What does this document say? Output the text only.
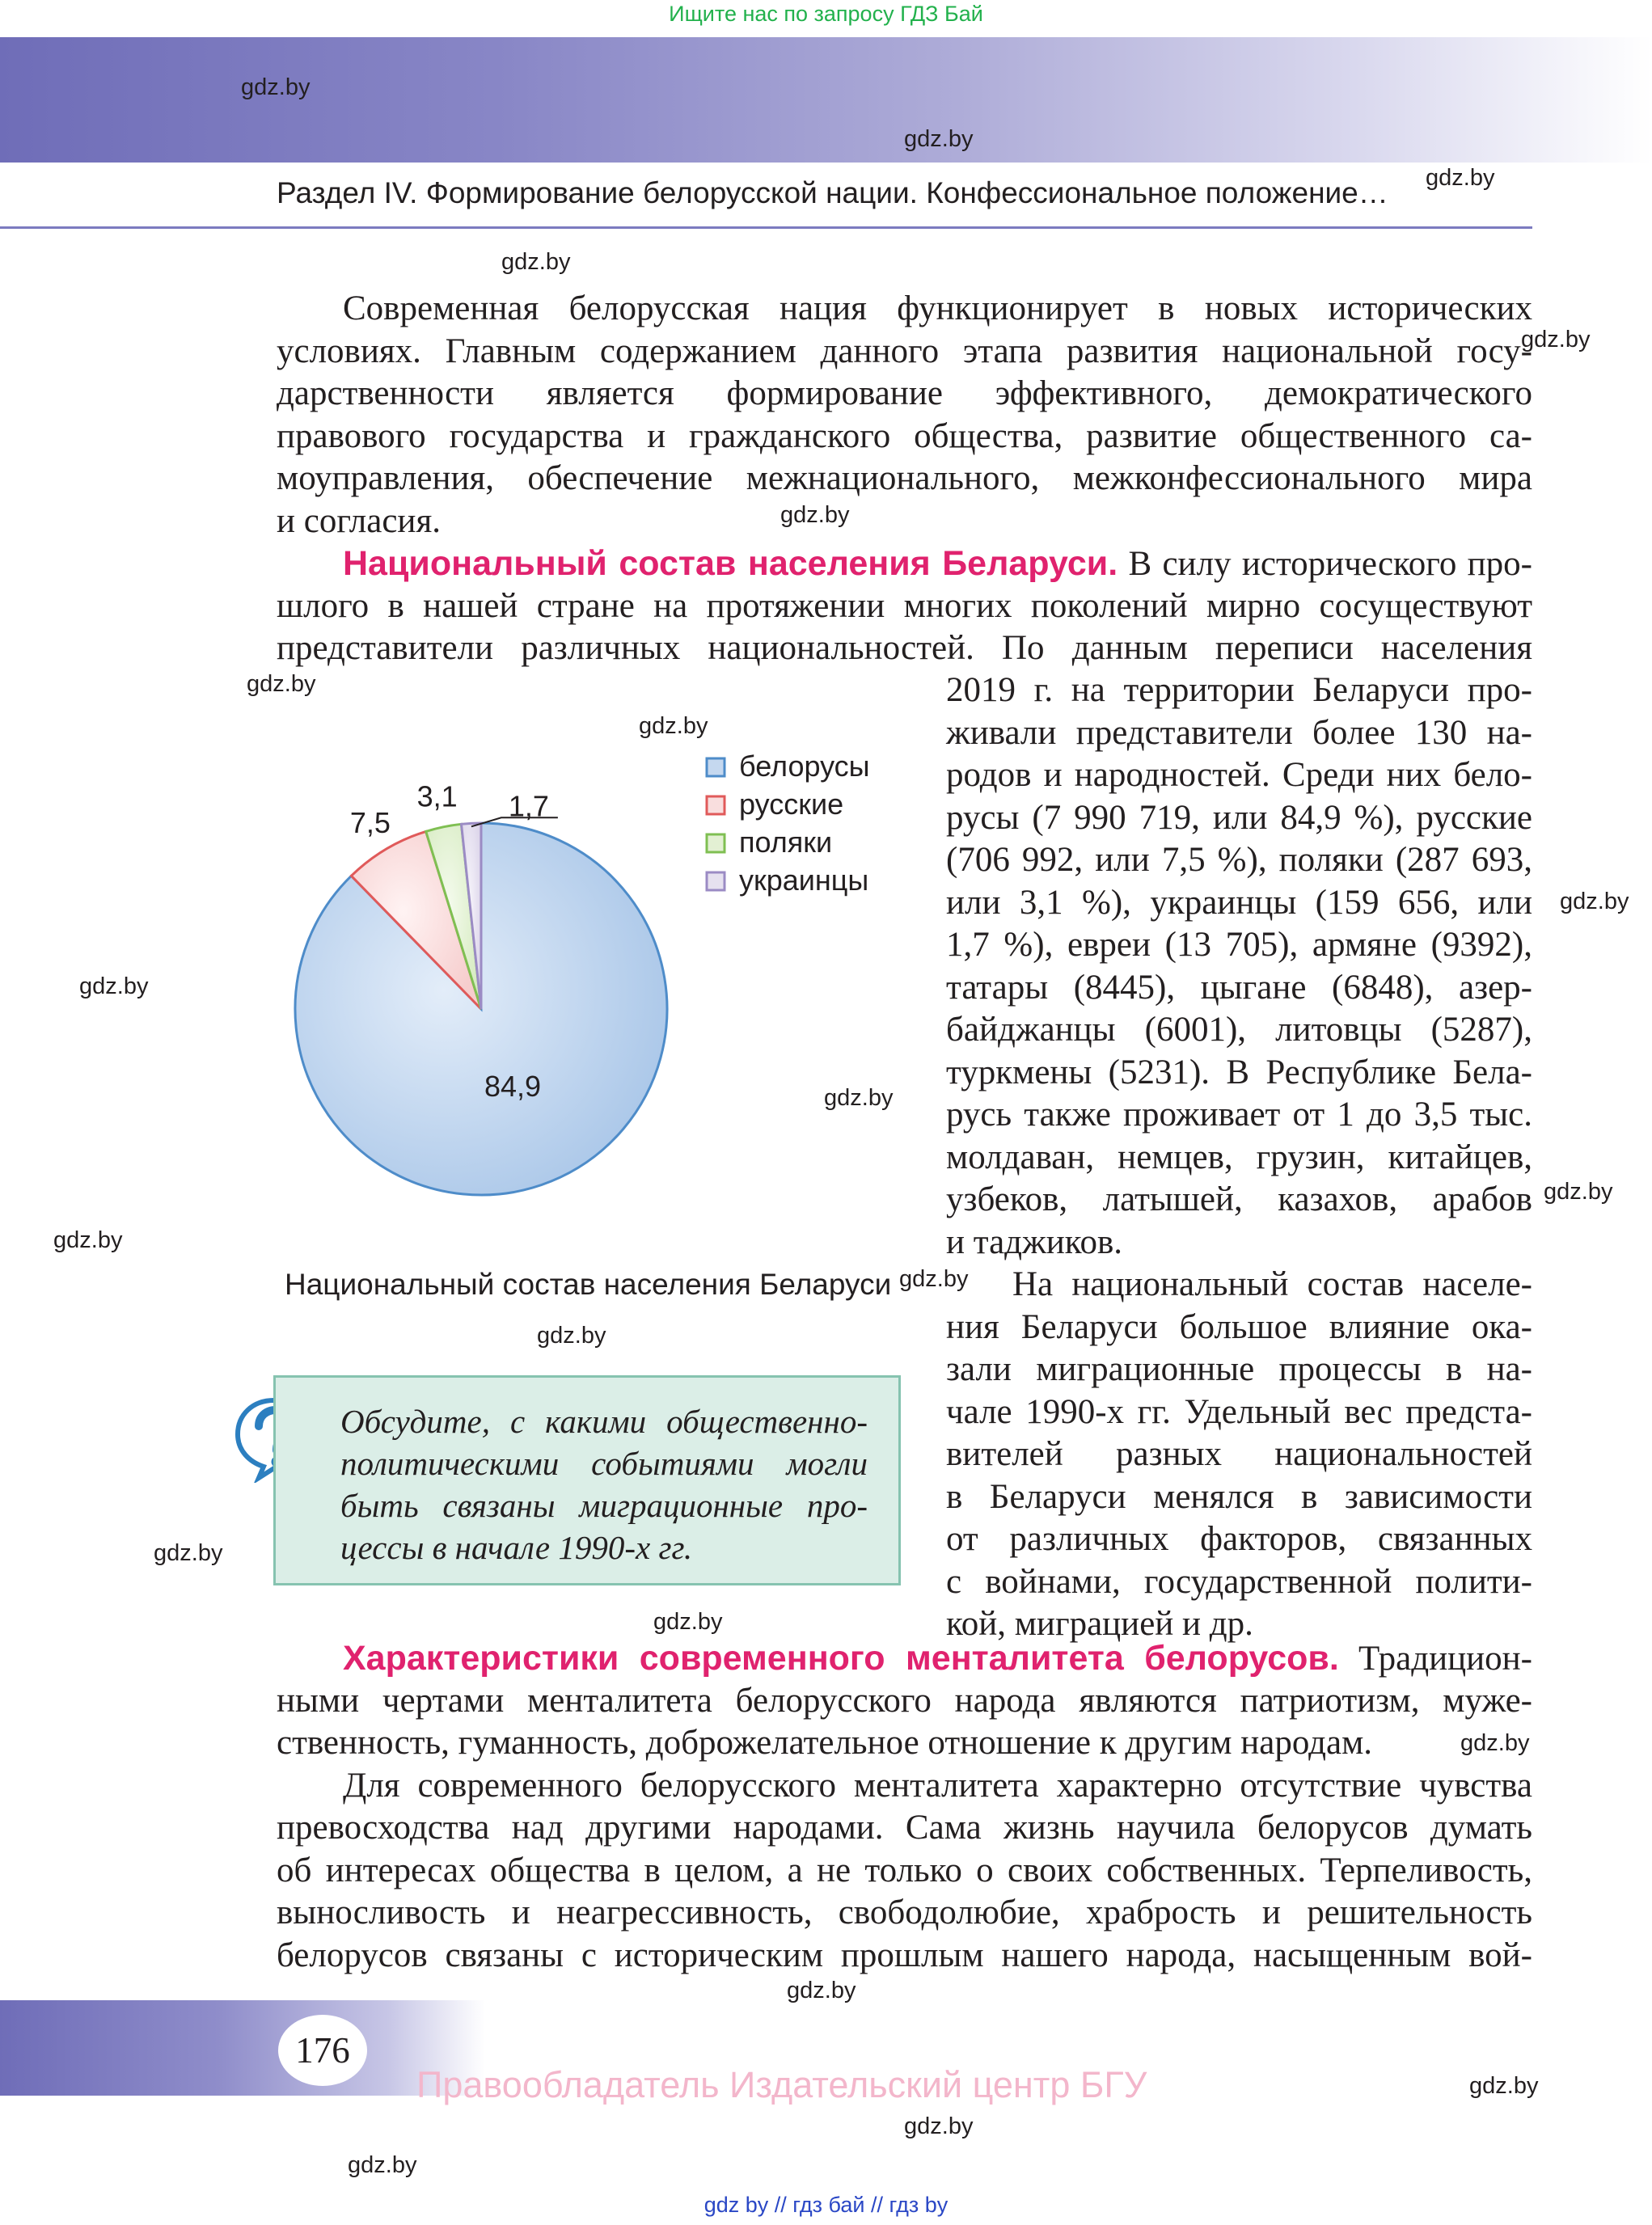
Ищите нас по запросу ГДЗ Бай
Раздел IV. Формирование белорусской нации. Конфессиональное положение…
gdz.by
gdz.by
gdz.by
gdz.by
gdz.by
gdz.by
gdz.by
gdz.by
gdz.by
gdz.by
gdz.by
gdz.by
gdz.by
gdz.by
gdz.by
gdz.by
gdz.by
gdz.by
gdz.by
gdz.by
gdz.by
gdz.by
Современная белорусская нация функционирует в новых исторических
условиях. Главным содержанием данного этапа развития национальной госу-
дарственности является формирование эффективного, демократического
правового государства и гражданского общества, развитие общественного са-
моуправления, обеспечение межнационального, межконфессионального мира
и согласия.
Национальный состав населения Беларуси. В силу исторического про-
шлого в нашей стране на протяжении многих поколений мирно сосуществуют
представители различных национальностей. По данным переписи населения
2019 г. на территории Беларуси про-
живали представители более 130 на-
родов и народностей. Среди них бело-
русы (7 990 719, или 84,9 %), русские
(706 992, или 7,5 %), поляки (287 693,
или 3,1 %), украинцы (159 656, или
1,7 %), евреи (13 705), армяне (9392),
татары (8445), цыгане (6848), азер-
байджанцы (6001), литовцы (5287),
туркмены (5231). В Республике Бела-
русь также проживает от 1 до 3,5 тыс.
молдаван, немцев, грузин, китайцев,
узбеков, латышей, казахов, арабов
и таджиков.
На национальный состав населе-
ния Беларуси большое влияние ока-
зали миграционные процессы в на-
чале 1990-х гг. Удельный вес предста-
вителей разных национальностей
в Беларуси менялся в зависимости
от различных факторов, связанных
с войнами, государственной полити-
кой, миграцией и др.
84,9
7,5
3,1 1,7
белорусы
русские
поляки
украинцы
Национальный состав населения Беларуси
Обсудите, с какими общественно-
политическими событиями могли
быть связаны миграционные про-
цессы в начале 1990-х гг.
Характеристики современного менталитета белорусов. Традицион-
ными чертами менталитета белорусского народа являются патриотизм, муже-
ственность, гуманность, доброжелательное отношение к другим народам.
Для современного белорусского менталитета характерно отсутствие чувства
превосходства над другими народами. Сама жизнь научила белорусов думать
об интересах общества в целом, а не только о своих собственных. Терпеливость,
выносливость и неагрессивность, свободолюбие, храбрость и решительность
белорусов связаны с историческим прошлым нашего народа, насыщенным вой-
176
Правообладатель Издательский центр БГУ
gdz by // гдз бай // гдз by
